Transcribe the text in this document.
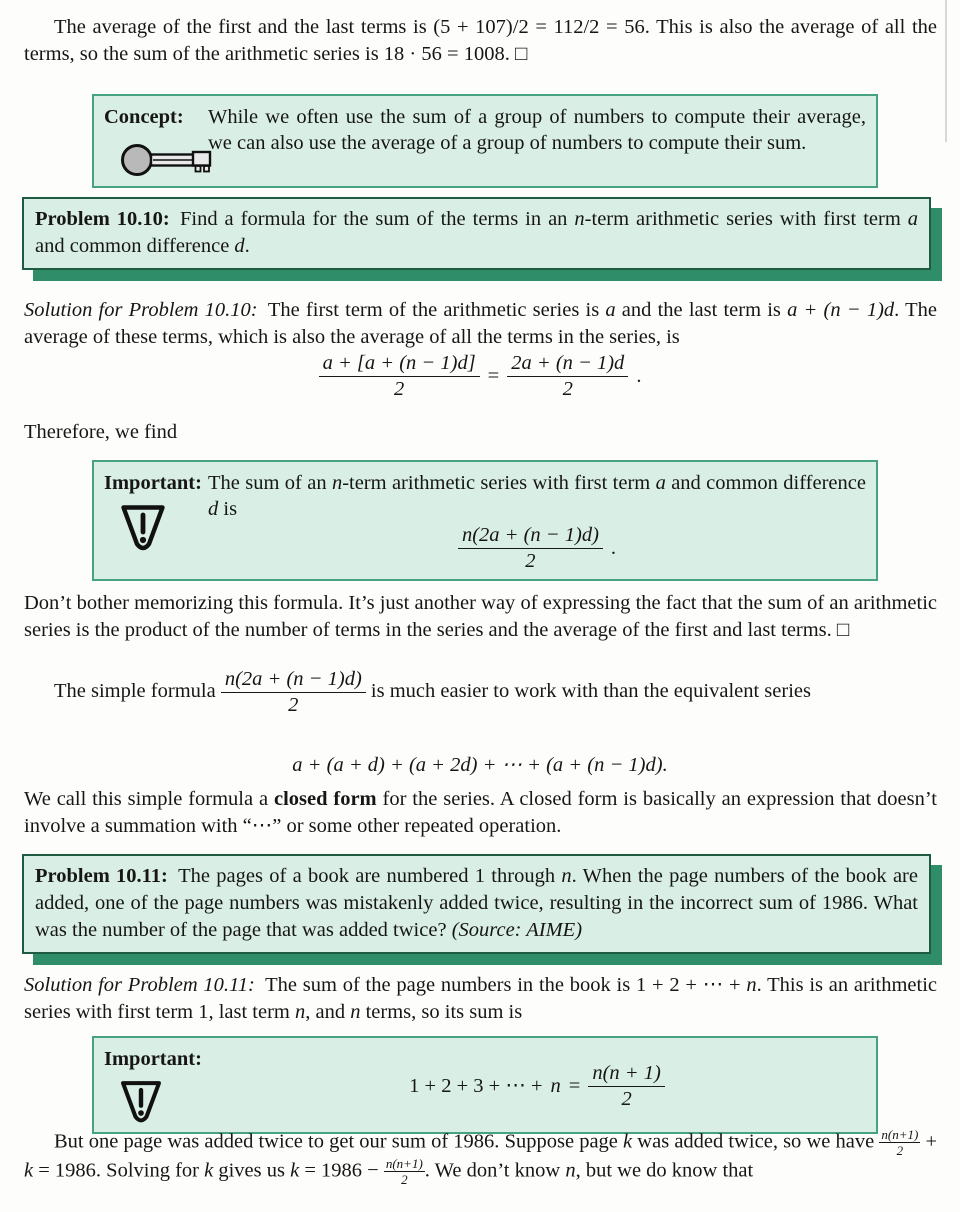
The average of the first and the last terms is (5 + 107)/2 = 112/2 = 56. This is also the average of all the terms, so the sum of the arithmetic series is 18 · 56 = 1008. □

Concept: While we often use the sum of a group of numbers to compute their average, we can also use the average of a group of numbers to compute their sum.
Problem 10.10: Find a formula for the sum of the terms in an n-term arithmetic series with first term a and common difference d.

Solution for Problem 10.10: The first term of the arithmetic series is a and the last term is a + (n − 1)d. The average of these terms, which is also the average of all the terms in the series, is

$\frac{a + [a + (n - 1)d]}{2} = \frac{2a + (n - 1)d}{2}$ .

Therefore, we find

Important: The sum of an n-term arithmetic series with first term a and common difference d is
$\frac{n(2a + (n - 1)d)}{2}$ .

Don’t bother memorizing this formula. It’s just another way of expressing the fact that the sum of an arithmetic series is the product of the number of terms in the series and the average of the first and last terms. □

The simple formula $\frac{n(2a + (n - 1)d)}{2}$ is much easier to work with than the equivalent series

a + (a + d) + (a + 2d) + ⋯ + (a + (n − 1)d).

We call this simple formula a closed form for the series. A closed form is basically an expression that doesn’t involve a summation with “⋯” or some other repeated operation.

Problem 10.11: The pages of a book are numbered 1 through n. When the page numbers of the book are added, one of the page numbers was mistakenly added twice, resulting in the incorrect sum of 1986. What was the number of the page that was added twice? (Source: AIME)

Solution for Problem 10.11: The sum of the page numbers in the book is 1 + 2 + ⋯ + n. This is an arithmetic series with first term 1, last term n, and n terms, so its sum is

Important:
1 + 2 + 3 + ⋯ + $n = \frac{n(n + 1)}{2}$

But one page was added twice to get our sum of 1986. Suppose page k was added twice, so we have $\frac{n(n+1)}{2} + k = 1986$. Solving for k gives us $k = 1986 - \frac{n(n+1)}{2}$ . We don’t know n, but we do know that
